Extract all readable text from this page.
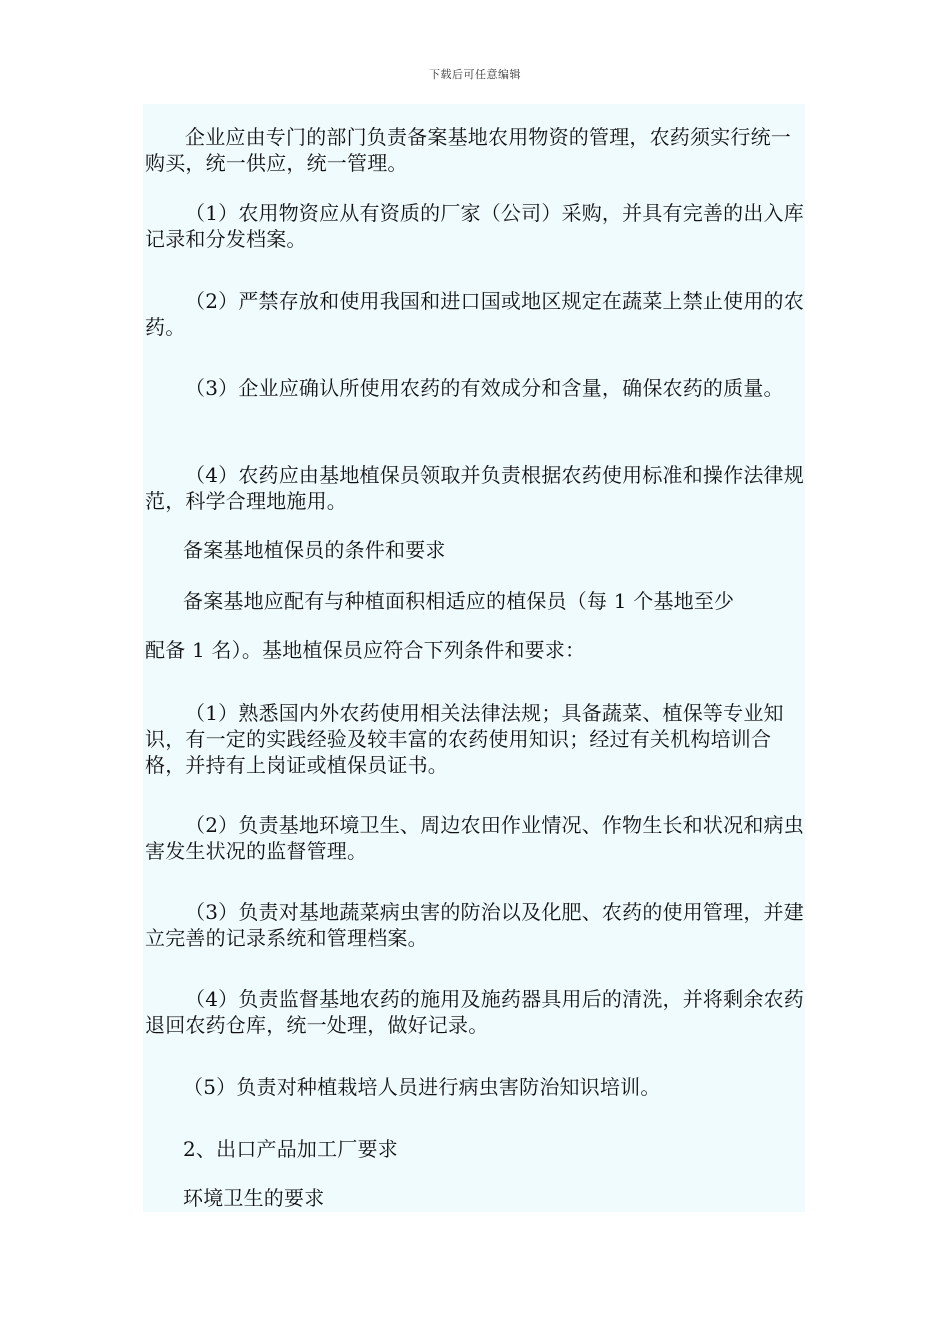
下载后可任意编辑

企业应由专门的部门负责备案基地农用物资的管理，农药须实行统一购买，统一供应，统一管理。

（1）农用物资应从有资质的厂家（公司）采购，并具有完善的出入库记录和分发档案。

（2）严禁存放和使用我国和进口国或地区规定在蔬菜上禁止使用的农药。

（3）企业应确认所使用农药的有效成分和含量，确保农药的质量。

（4）农药应由基地植保员领取并负责根据农药使用标准和操作法律规范，科学合理地施用。

备案基地植保员的条件和要求

备案基地应配有与种植面积相适应的植保员（每 1 个基地至少

配备 1 名）。基地植保员应符合下列条件和要求：

（1）熟悉国内外农药使用相关法律法规；具备蔬菜、植保等专业知识，有一定的实践经验及较丰富的农药使用知识；经过有关机构培训合格，并持有上岗证或植保员证书。

（2）负责基地环境卫生、周边农田作业情况、作物生长和状况和病虫害发生状况的监督管理。

（3）负责对基地蔬菜病虫害的防治以及化肥、农药的使用管理，并建立完善的记录系统和管理档案。

（4）负责监督基地农药的施用及施药器具用后的清洗，并将剩余农药退回农药仓库，统一处理，做好记录。

（5）负责对种植栽培人员进行病虫害防治知识培训。

2、出口产品加工厂要求

环境卫生的要求
